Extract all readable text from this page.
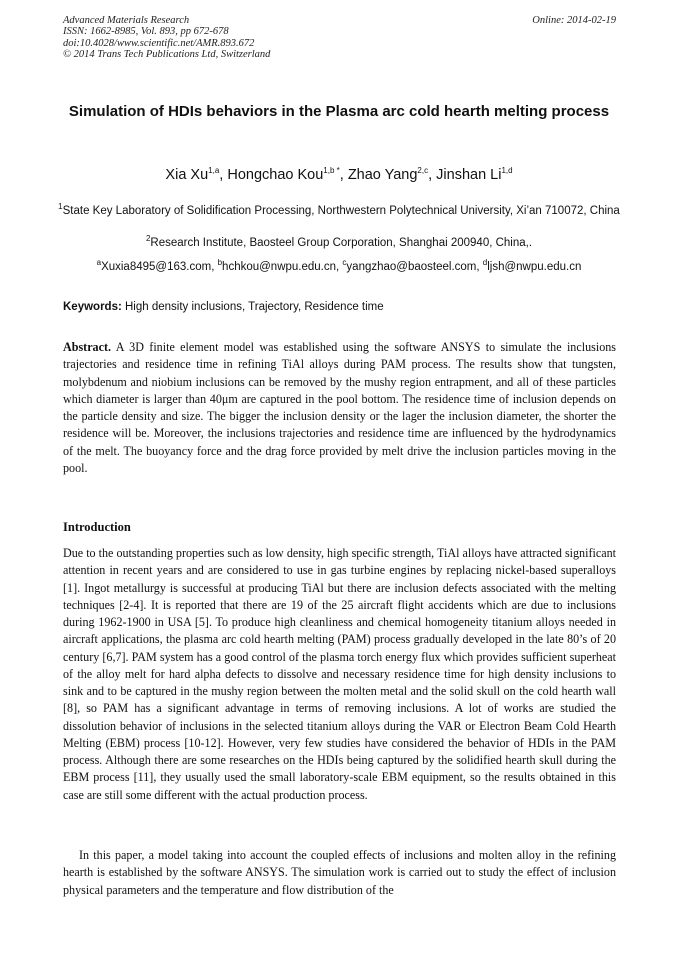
Advanced Materials Research
ISSN: 1662-8985, Vol. 893, pp 672-678
doi:10.4028/www.scientific.net/AMR.893.672
© 2014 Trans Tech Publications Ltd, Switzerland
Online: 2014-02-19
Simulation of HDIs behaviors in the Plasma arc cold hearth melting process
Xia Xu$^{1,a}$, Hongchao Kou$^{1,b *}$, Zhao Yang$^{2,c}$, Jinshan Li$^{1,d}$
$^1$State Key Laboratory of Solidification Processing, Northwestern Polytechnical University, Xi’an 710072, China
$^2$Research Institute, Baosteel Group Corporation, Shanghai 200940, China,.
$^a$Xuxia8495@163.com, $^b$hchkou@nwpu.edu.cn, $^c$yangzhao@baosteel.com, $^d$ljsh@nwpu.edu.cn
Keywords: High density inclusions, Trajectory, Residence time
Abstract. A 3D finite element model was established using the software ANSYS to simulate the inclusions trajectories and residence time in refining TiAl alloys during PAM process. The results show that tungsten, molybdenum and niobium inclusions can be removed by the mushy region entrapment, and all of these particles which diameter is larger than 40μm are captured in the pool bottom. The residence time of inclusion depends on the particle density and size. The bigger the inclusion density or the lager the inclusion diameter, the shorter the residence will be. Moreover, the inclusions trajectories and residence time are influenced by the hydrodynamics of the melt. The buoyancy force and the drag force provided by melt drive the inclusion particles moving in the pool.
Introduction
Due to the outstanding properties such as low density, high specific strength, TiAl alloys have attracted significant attention in recent years and are considered to use in gas turbine engines by replacing nickel-based superalloys [1]. Ingot metallurgy is successful at producing TiAl but there are inclusion defects associated with the melting techniques [2-4]. It is reported that there are 19 of the 25 aircraft flight accidents which are due to inclusions during 1962-1900 in USA [5]. To produce high cleanliness and chemical homogeneity titanium alloys needed in aircraft applications, the plasma arc cold hearth melting (PAM) process gradually developed in the late 80’s of 20 century [6,7]. PAM system has a good control of the plasma torch energy flux which provides sufficient superheat of the alloy melt for hard alpha defects to dissolve and necessary residence time for high density inclusions to sink and to be captured in the mushy region between the molten metal and the solid skull on the cold hearth wall [8], so PAM has a significant advantage in terms of removing inclusions. A lot of works are studied the dissolution behavior of inclusions in the selected titanium alloys during the VAR or Electron Beam Cold Hearth Melting (EBM) process [10-12]. However, very few studies have considered the behavior of HDIs in the PAM process. Although there are some researches on the HDIs being captured by the solidified hearth skull during the EBM process [11], they usually used the small laboratory-scale EBM equipment, so the results obtained in this case are still some different with the actual production process.
In this paper, a model taking into account the coupled effects of inclusions and molten alloy in the refining hearth is established by the software ANSYS. The simulation work is carried out to study the effect of inclusion physical parameters and the temperature and flow distribution of the
